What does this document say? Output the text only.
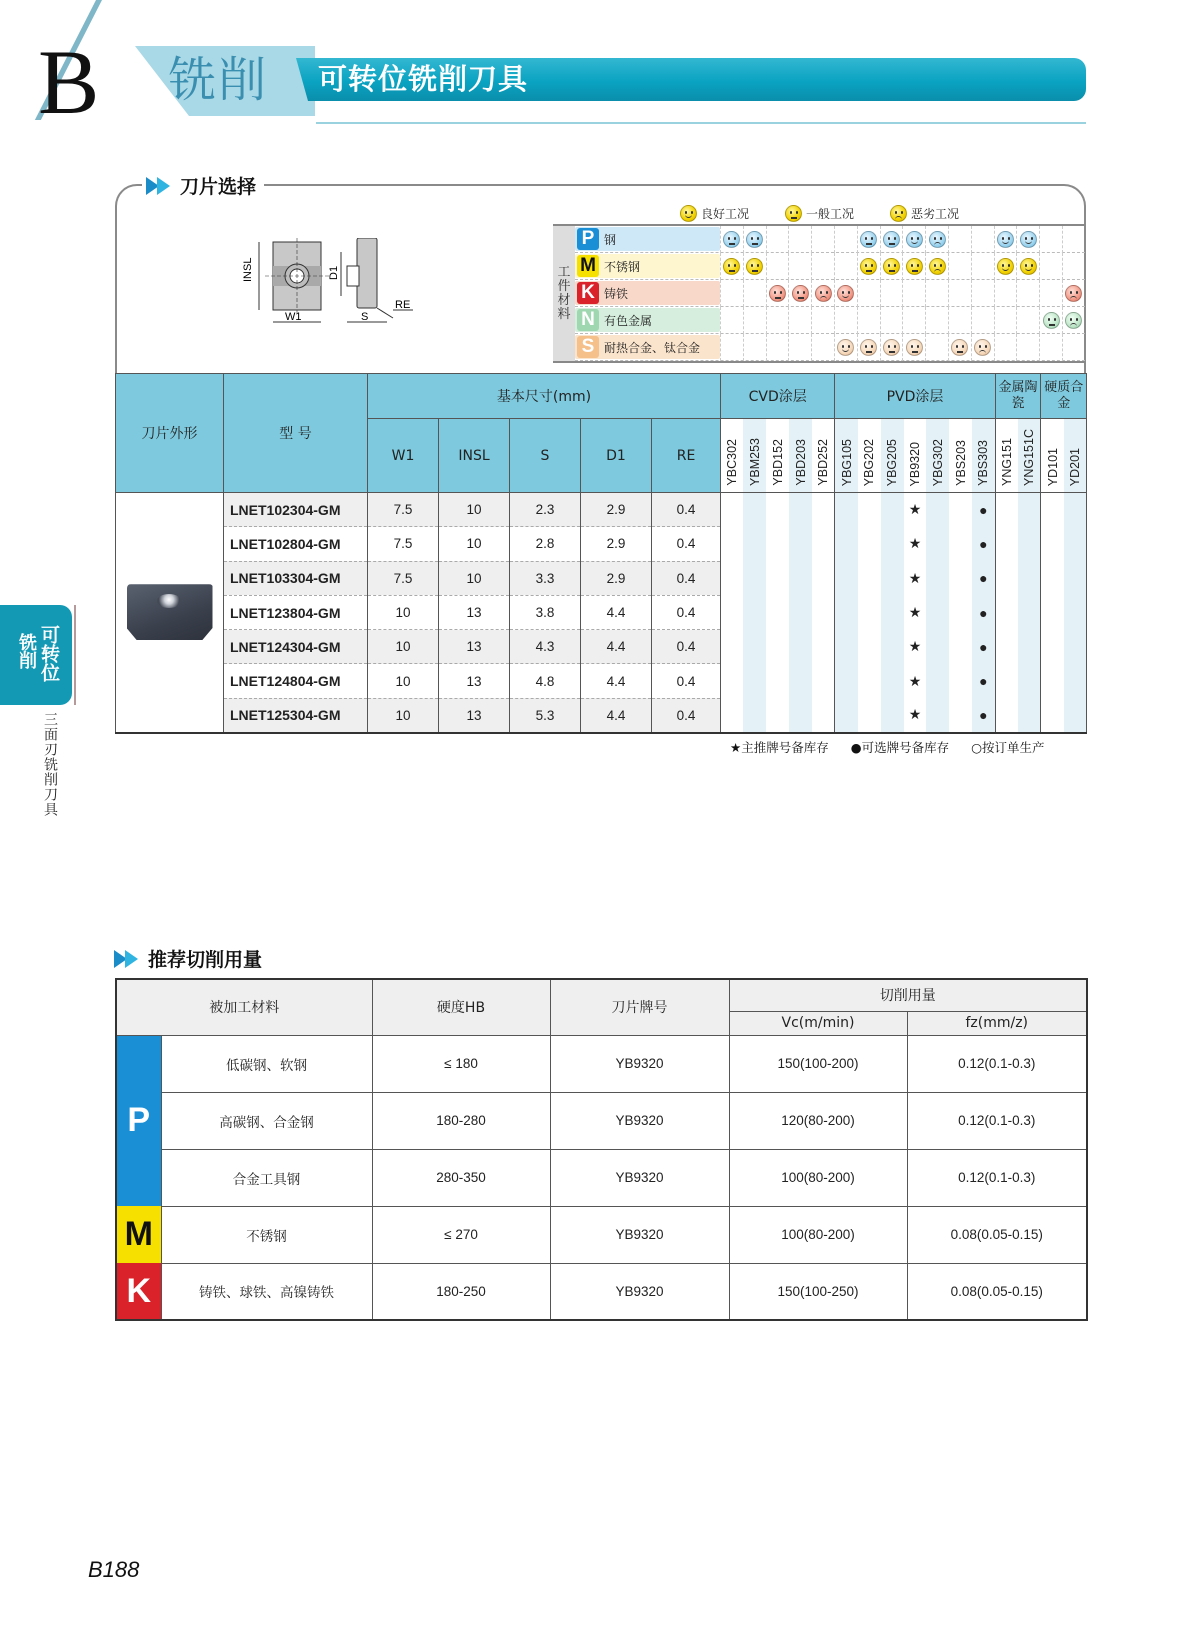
B 铣削 可转位铣削刀具
铣削 可转位
三面刃铣削刀具
刀片选择
INSL
W1
D1
S
RE
良好工况	一般工况	恶劣工况
工
件
材
料
P 钢
M 不锈钢
K 铸铁
N 有色金属
S 耐热合金、钛合金
刀片外形	型 号	基本尺寸(mm)					CVD涂层					PVD涂层							金属陶瓷		硬质合金	
		W1	INSL	S	D1	RE	YBC302	YBM253	YBD152	YBD203	YBD252	YBG105	YBG202	YBG205	YB9320	YBG302	YBS203	YBS303	YNG151	YNG151C	YD101	YD201

	LNET102304-GM	7.5	10	2.3	2.9	0.4									★			●				
	LNET102804-GM	7.5	10	2.8	2.9	0.4									★			●				
	LNET103304-GM	7.5	10	3.3	2.9	0.4									★			●				
	LNET123804-GM	10	13	3.8	4.4	0.4									★			●				
	LNET124304-GM	10	13	4.3	4.4	0.4									★			●				
	LNET124804-GM	10	13	4.8	4.4	0.4									★			●				
	LNET125304-GM	10	13	5.3	4.4	0.4									★			●				
★主推牌号备库存 ●可选牌号备库存 ○按订单生产
推荐切削用量
被加工材料		硬度HB	刀片牌号	切削用量	
				Vc(m/min)	fz(mm/z)
P	低碳钢、软钢	≤ 180	YB9320	150(100-200)	0.12(0.1-0.3)
	高碳钢、合金钢	180-280	YB9320	120(80-200)	0.12(0.1-0.3)
	合金工具钢	280-350	YB9320	100(80-200)	0.12(0.1-0.3)
M	不锈钢	≤ 270	YB9320	100(80-200)	0.08(0.05-0.15)
K	铸铁、球铁、高镍铸铁	180-250	YB9320	150(100-250)	0.08(0.05-0.15)
B188
